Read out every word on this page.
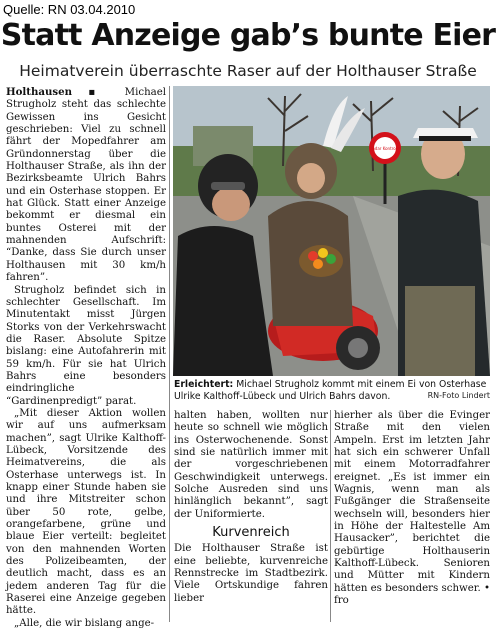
Quelle: RN 03.04.2010
Statt Anzeige gab’s bunte Eier
Heimatverein überraschte Raser auf der Holthauser Straße

Holthausen ▪ Michael Strugholz steht das schlechte Gewissen ins Gesicht geschrieben: Viel zu schnell fährt der Mopedfahrer am Gründonnerstag über die Holthauser Straße, als ihn der Bezirksbeamte Ulrich Bahrs und ein Osterhase stoppen. Er hat Glück. Statt einer Anzeige bekommt er diesmal ein buntes Osterei mit der mahnenden Aufschrift: “Danke, dass Sie durch unser Holthausen mit 30 km/h fahren”.

Strugholz befindet sich in schlechter Gesellschaft. Im Minutentakt misst Jürgen Storks von der Verkehrswacht die Raser. Absolute Spitze bislang: eine Autofahrerin mit 59 km/h. Für sie hat Ulrich Bahrs eine besonders eindringliche “Gardinenpredigt” parat.

„Mit dieser Aktion wollen wir auf uns aufmerksam machen”, sagt Ulrike Kalthoff-Lübeck, Vorsitzende des Heimatvereins, die als Osterhase unterwegs ist. In knapp einer Stunde haben sie und ihre Mitstreiter schon über 50 rote, gelbe, orangefarbene, grüne und blaue Eier verteilt: begleitet von den mahnenden Worten des Polizeibeamten, der deutlich macht, dass es an jedem anderen Tag für die Raserei eine Anzeige gegeben hätte.

„Alle, die wir bislang ange-

Radar Kontrolle
Erleichtert: Michael Strugholz kommt mit einem Ei von Osterhase Ulrike Kalthoff-Lübeck und Ulrich Bahrs davon.	RN-Foto Lindert

halten haben, wollten nur heute so schnell wie möglich ins Osterwochenende. Sonst sind sie natürlich immer mit der vorgeschriebenen Geschwindigkeit unterwegs. Solche Ausreden sind uns hinlänglich bekannt”, sagt der Uniformierte.

Kurvenreich

Die Holthauser Straße ist eine beliebte, kurvenreiche Rennstrecke im Stadtbezirk. Viele Ortskundige fahren lieber

hierher als über die Evinger Straße mit den vielen Ampeln. Erst im letzten Jahr hat sich ein schwerer Unfall mit einem Motorradfahrer ereignet. „Es ist immer ein Wagnis, wenn man als Fußgänger die Straßenseite wechseln will, besonders hier in Höhe der Haltestelle Am Hausacker”, berichtet die gebürtige Holthauserin Kalthoff-Lübeck. Senioren und Mütter mit Kindern hätten es besonders schwer. • fro
